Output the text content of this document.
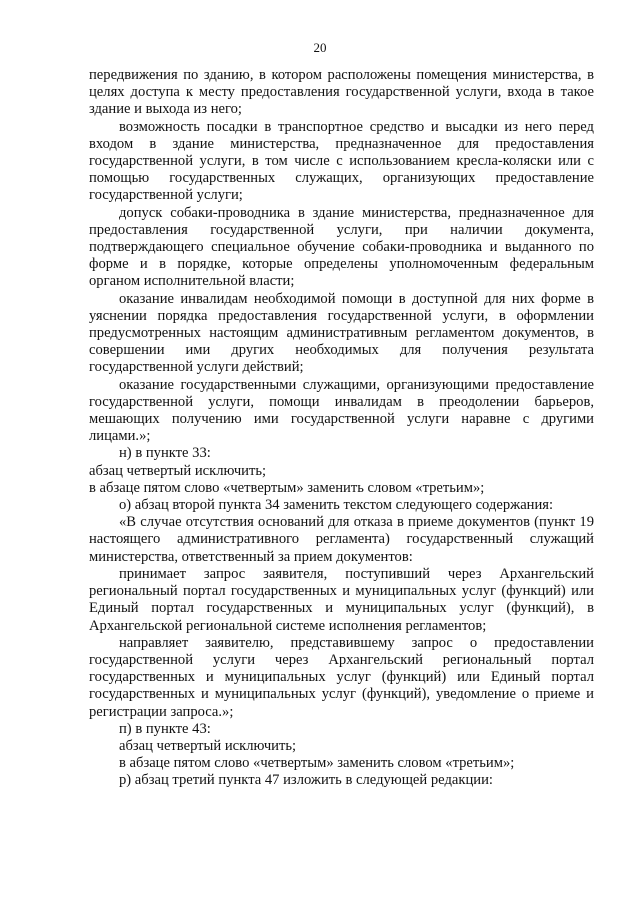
20

передвижения по зданию, в котором расположены помещения министерства, в целях доступа к месту предоставления государственной услуги, входа в такое здание и выхода из него;

возможность посадки в транспортное средство и высадки из него перед входом в здание министерства, предназначенное для предоставления государственной услуги, в том числе с использованием кресла-коляски или с помощью государственных служащих, организующих предоставление государственной услуги;

допуск собаки-проводника в здание министерства, предназначенное для предоставления государственной услуги, при наличии документа, подтверждающего специальное обучение собаки-проводника и выданного по форме и в порядке, которые определены уполномоченным федеральным органом исполнительной власти;

оказание инвалидам необходимой помощи в доступной для них форме в уяснении порядка предоставления государственной услуги, в оформлении предусмотренных настоящим административным регламентом документов, в совершении ими других необходимых для получения результата государственной услуги действий;

оказание государственными служащими, организующими предоставление государственной услуги, помощи инвалидам в преодолении барьеров, мешающих получению ими государственной услуги наравне с другими лицами.»;

н) в пункте 33:

абзац четвертый исключить;

в абзаце пятом слово «четвертым» заменить словом «третьим»;

о) абзац второй пункта 34 заменить текстом следующего содержания:

«В случае отсутствия оснований для отказа в приеме документов (пункт 19 настоящего административного регламента) государственный служащий министерства, ответственный за прием документов:

принимает запрос заявителя, поступивший через Архангельский региональный портал государственных и муниципальных услуг (функций) или Единый портал государственных и муниципальных услуг (функций), в Архангельской региональной системе исполнения регламентов;

направляет заявителю, представившему запрос о предоставлении государственной услуги через Архангельский региональный портал государственных и муниципальных услуг (функций) или Единый портал государственных и муниципальных услуг (функций), уведомление о приеме и регистрации запроса.»;

п) в пункте 43:

абзац четвертый исключить;

в абзаце пятом слово «четвертым» заменить словом «третьим»;

р) абзац третий пункта 47 изложить в следующей редакции:
